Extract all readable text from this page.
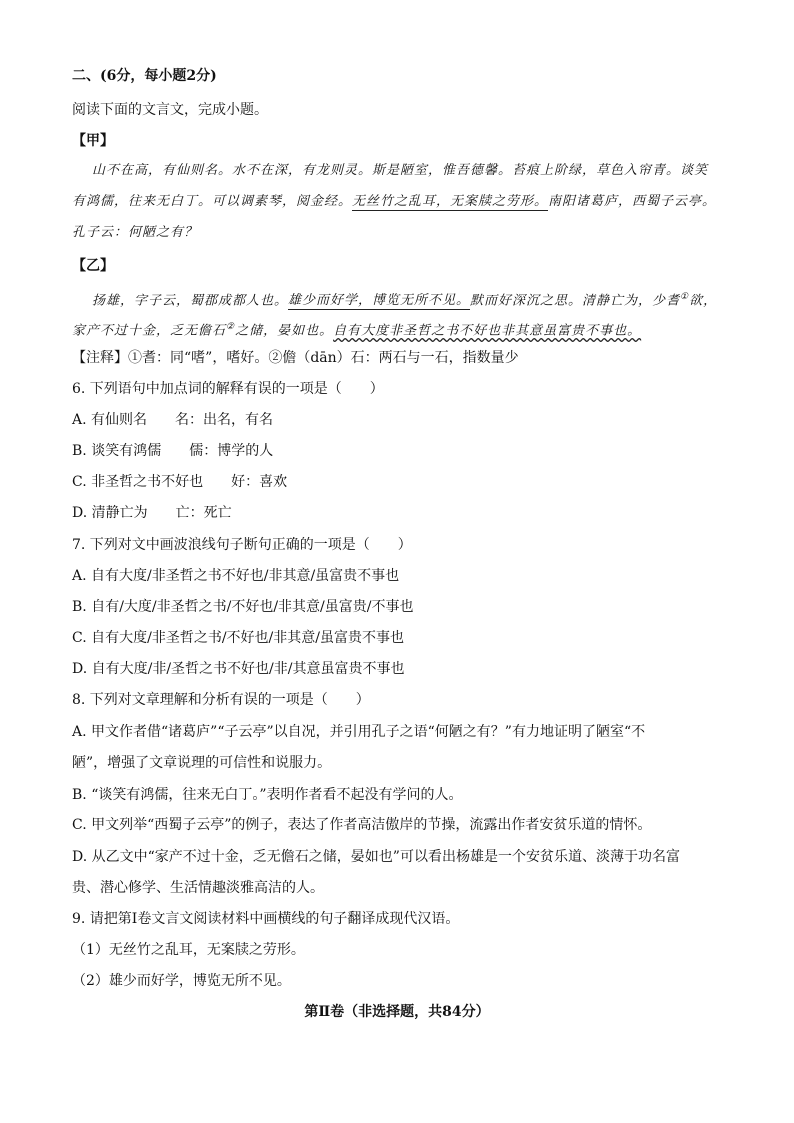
二、(6分，每小题2分)
阅读下面的文言文，完成小题。
【甲】
山不在高，有仙则名。水不在深，有龙则灵。斯是陋室，惟吾德馨。苔痕上阶绿，草色入帘青。谈笑
有鸿儒，往来无白丁。可以调素琴，阅金经。无丝竹之乱耳，无案牍之劳形。南阳诸葛庐，西蜀子云亭。
孔子云：何陋之有？
【乙】
扬雄，字子云，蜀郡成都人也。雄少而好学，博览无所不见。默而好深沉之思。清静亡为，少耆①欲，
家产不过十金，乏无儋石②之储，晏如也。自有大度非圣哲之书不好也非其意虽富贵不事也。
【注释】①耆：同“嗜”，嗜好。②儋（dān）石：两石与一石，指数量少
6. 下列语句中加点词的解释有误的一项是（　　）
A. 有仙则名　　名：出名，有名
B. 谈笑有鸿儒　　儒：博学的人
C. 非圣哲之书不好也　　好：喜欢
D. 清静亡为　　亡：死亡
7. 下列对文中画波浪线句子断句正确的一项是（　　）
A. 自有大度/非圣哲之书不好也/非其意/虽富贵不事也
B. 自有/大度/非圣哲之书/不好也/非其意/虽富贵/不事也
C. 自有大度/非圣哲之书/不好也/非其意/虽富贵不事也
D. 自有大度/非/圣哲之书不好也/非/其意虽富贵不事也
8. 下列对文章理解和分析有误的一项是（　　）
A. 甲文作者借“诸葛庐”“子云亭”以自况，并引用孔子之语“何陋之有？”有力地证明了陋室“不
陋”，增强了文章说理的可信性和说服力。
B. “谈笑有鸿儒，往来无白丁。”表明作者看不起没有学问的人。
C. 甲文列举“西蜀子云亭”的例子，表达了作者高洁傲岸的节操，流露出作者安贫乐道的情怀。
D. 从乙文中“家产不过十金，乏无儋石之储，晏如也”可以看出杨雄是一个安贫乐道、淡薄于功名富
贵、潜心修学、生活情趣淡雅高洁的人。
9. 请把第Ⅰ卷文言文阅读材料中画横线的句子翻译成现代汉语。
（1）无丝竹之乱耳，无案牍之劳形。
（2）雄少而好学，博览无所不见。
第Ⅱ卷（非选择题，共84分）
